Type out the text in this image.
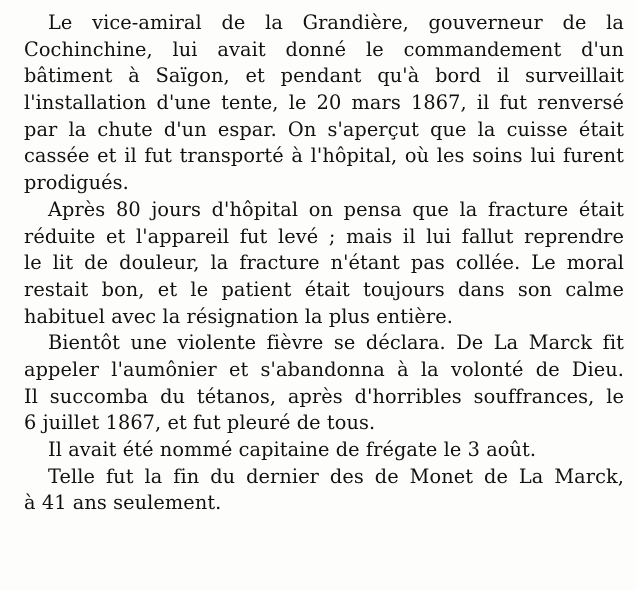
Le vice-amiral de la Grandière, gouverneur de la
Cochinchine, lui avait donné le commandement d'un
bâtiment à Saïgon, et pendant qu'à bord il surveillait
l'installation d'une tente, le 20 mars 1867, il fut renversé
par la chute d'un espar. On s'aperçut que la cuisse était
cassée et il fut transporté à l'hôpital, où les soins lui furent
prodigués.
Après 80 jours d'hôpital on pensa que la fracture était
réduite et l'appareil fut levé ; mais il lui fallut reprendre
le lit de douleur, la fracture n'étant pas collée. Le moral
restait bon, et le patient était toujours dans son calme
habituel avec la résignation la plus entière.
Bientôt une violente fièvre se déclara. De La Marck fit
appeler l'aumônier et s'abandonna à la volonté de Dieu.
Il succomba du tétanos, après d'horribles souffrances, le
6 juillet 1867, et fut pleuré de tous.
Il avait été nommé capitaine de frégate le 3 août.
Telle fut la fin du dernier des de Monet de La Marck,
à 41 ans seulement.
